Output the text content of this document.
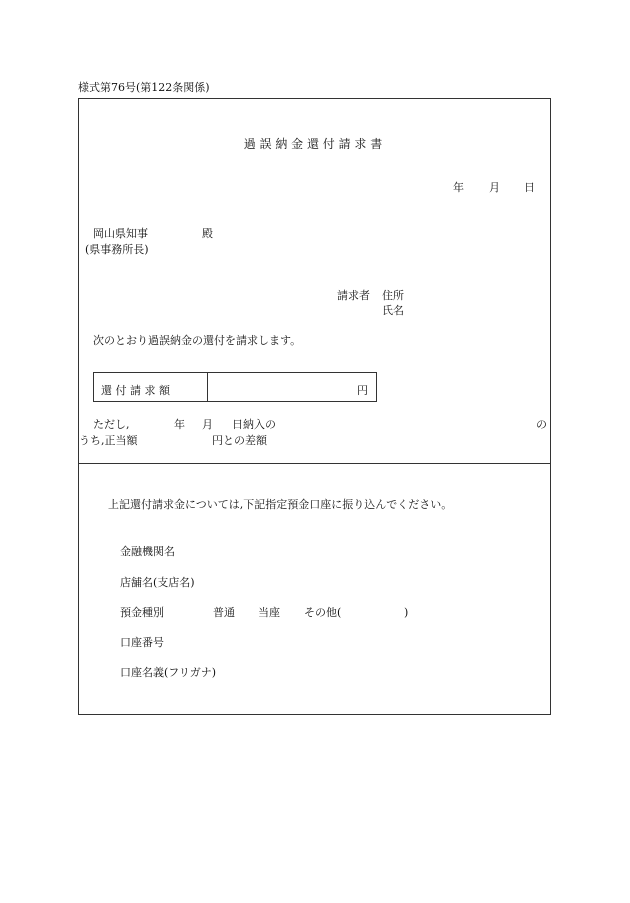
様式第76号(第122条関係)
過 誤 納 金 還 付 請 求 書
年 月 日
岡山県知事	殿
(県事務所長)
請求者 住所
氏名
次のとおり過誤納金の還付を請求します。
還 付 請 求 額	円
ただし,	年 月 日納入の	の
うち,正当額	円との差額
上記還付請求金については,下記指定預金口座に振り込んでください。
金融機関名
店舗名(支店名)
預金種別	普通 当座 その他(	)
口座番号
口座名義(フリガナ)
